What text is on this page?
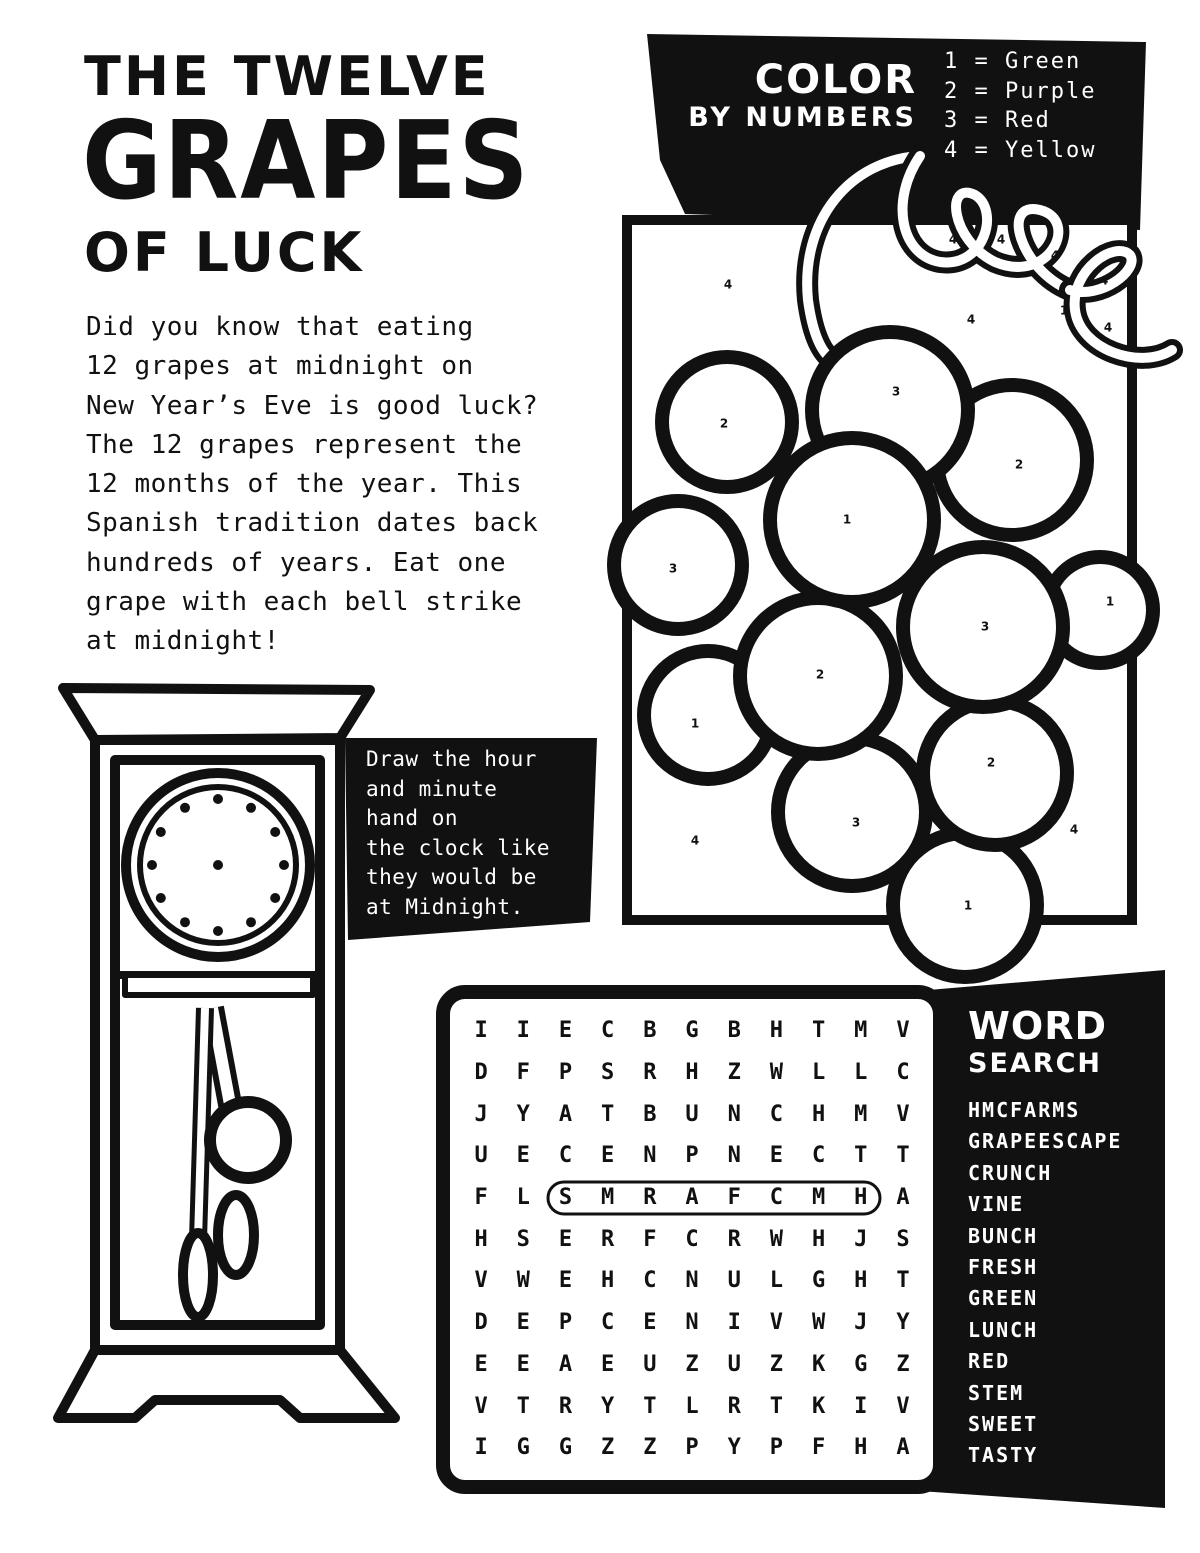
3
2
2
1
3
1
3
2
1
2
3
1
4
4	4
4
4
4
4
4
4
1
THE TWELVE
GRAPES
OF LUCK

Did you know that eating
12 grapes at midnight on
New Year’s Eve is good luck?
The 12 grapes represent the
12 months of the year. This
Spanish tradition dates back
hundreds of years. Eat one
grape with each bell strike
at midnight!

COLOR
BY NUMBERS
1 = Green
2 = Purple
3 = Red
4 = Yellow

Draw the hour
and minute
hand on
the clock like
they would be
at Midnight.

I	I	E	C	B	G	B	H	T	M	V
D	F	P	S	R	H	Z	W	L	L	C
J	Y	A	T	B	U	N	C	H	M	V
U	E	C	E	N	P	N	E	C	T	T
F	L	S	M	R	A	F	C	M	H	A
H	S	E	R	F	C	R	W	H	J	S
V	W	E	H	C	N	U	L	G	H	T
D	E	P	C	E	N	I	V	W	J	Y
E	E	A	E	U	Z	U	Z	K	G	Z
V	T	R	Y	T	L	R	T	K	I	V
I	G	G	Z	Z	P	Y	P	F	H	A
WORD
SEARCH
HMCFARMS
GRAPEESCAPE
CRUNCH
VINE
BUNCH
FRESH
GREEN
LUNCH
RED
STEM
SWEET
TASTY
